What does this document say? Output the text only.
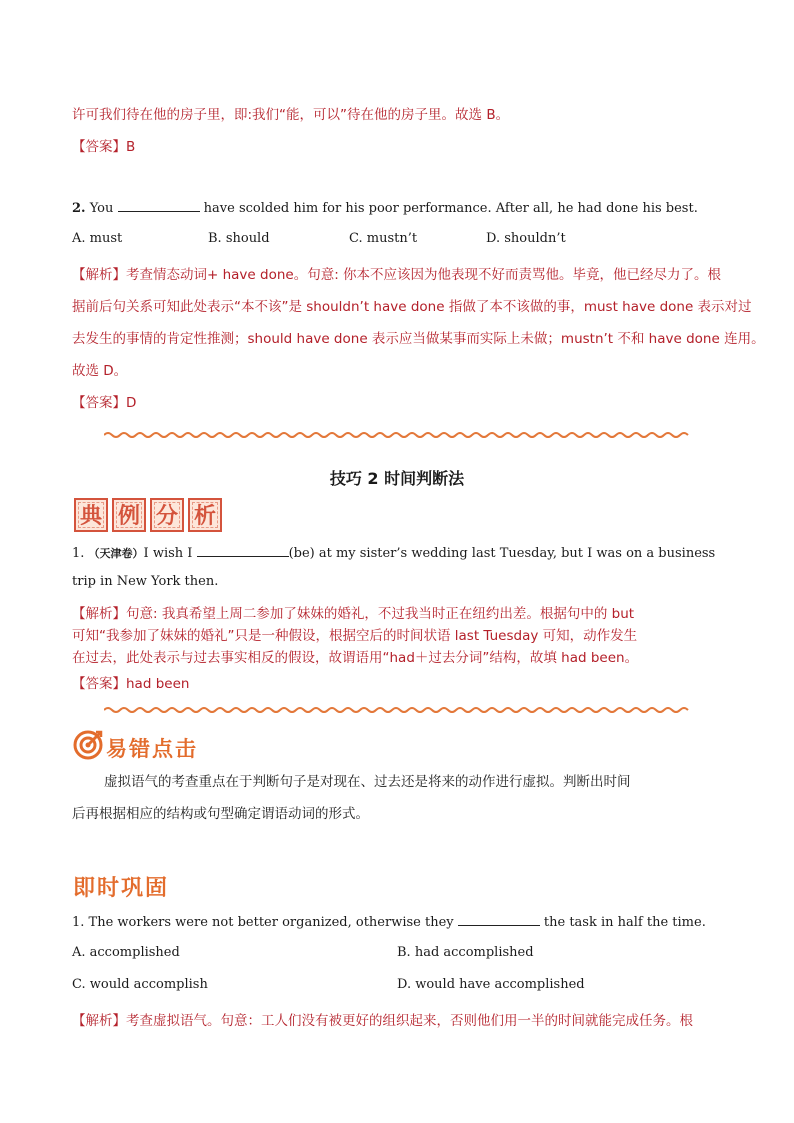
许可我们待在他的房子里，即:我们“能，可以”待在他的房子里。故选 B。
【答案】B
2. You	have scolded him for his poor performance. After all, he had done his best.
A. must	B. should	C. mustn’t	D. shouldn’t
【解析】考查情态动词+ have done。句意: 你本不应该因为他表现不好而责骂他。毕竟，他已经尽力了。根
据前后句关系可知此处表示“本不该”是 shouldn’t have done 指做了本不该做的事，must have done 表示对过
去发生的事情的肯定性推测；should have done 表示应当做某事而实际上未做；mustn’t 不和 have done 连用。
故选 D。
【答案】D
技巧 2 时间判断法
典 例 分 析
1. （天津卷）I wish I	(be) at my sister’s wedding last Tuesday, but I was on a business
trip in New York then.
【解析】句意: 我真希望上周二参加了妹妹的婚礼，不过我当时正在纽约出差。根据句中的 but
可知“我参加了妹妹的婚礼”只是一种假设，根据空后的时间状语 last Tuesday 可知，动作发生
在过去，此处表示与过去事实相反的假设，故谓语用“had＋过去分词”结构，故填 had been。
【答案】had been
易错点击
虚拟语气的考查重点在于判断句子是对现在、过去还是将来的动作进行虚拟。判断出时间
后再根据相应的结构或句型确定谓语动词的形式。
即时巩固
1. The workers were not better organized, otherwise they	the task in half the time.
A. accomplished	B. had accomplished
C. would accomplish	D. would have accomplished
【解析】考查虚拟语气。句意：工人们没有被更好的组织起来，否则他们用一半的时间就能完成任务。根
